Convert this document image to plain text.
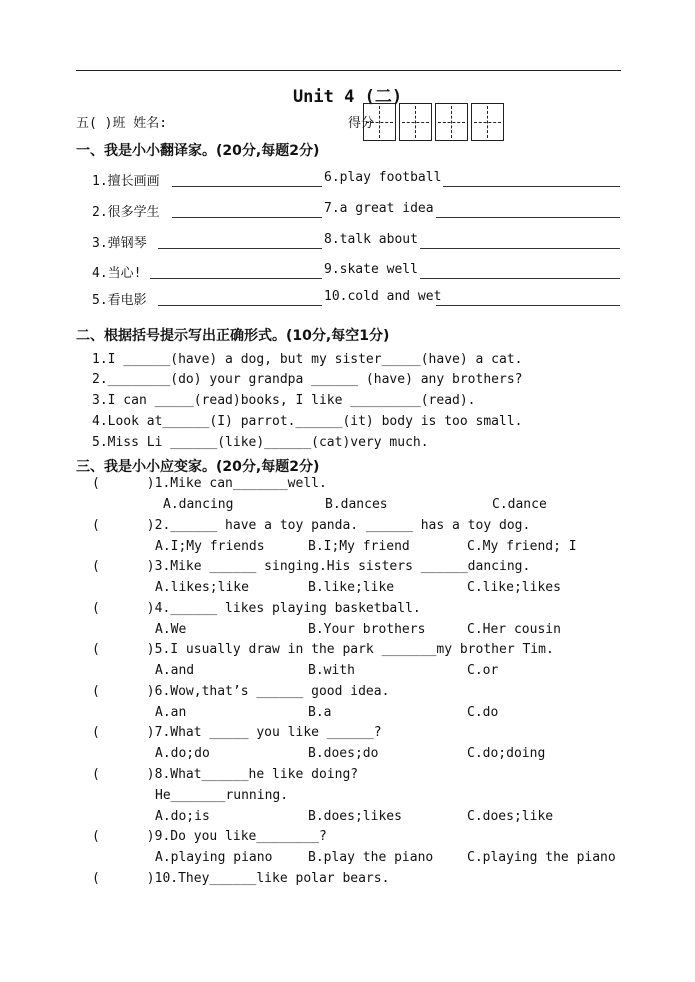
Unit 4 (二)
五( )班 姓名:	得分
一、我是小小翻译家。(20分,每题2分)
1.擅长画画	6.play football
2.很多学生	7.a great idea
3.弹钢琴	8.talk about
4.当心!	9.skate well
5.看电影	10.cold and wet
二、根据括号提示写出正确形式。(10分,每空1分)
1.I ______(have) a dog, but my sister_____(have) a cat.
2.________(do) your grandpa ______ (have) any brothers?
3.I can _____(read)books, I like _________(read).
4.Look at______(I) parrot.______(it) body is too small.
5.Miss Li ______(like)______(cat)very much.
三、我是小小应变家。(20分,每题2分)
(      )1.Mike can_______well.
A.dancing	B.dances	C.dance
(      )2.______ have a toy panda. ______ has a toy dog.
A.I;My friends	B.I;My friend	C.My friend; I
(      )3.Mike ______ singing.His sisters ______dancing.
A.likes;like	B.like;like	C.like;likes
(      )4.______ likes playing basketball.
A.We	B.Your brothers	C.Her cousin
(      )5.I usually draw in the park _______my brother Tim.
A.and	B.with	C.or
(      )6.Wow,that’s ______ good idea.
A.an	B.a	C.do
(      )7.What _____ you like ______?
A.do;do	B.does;do	C.do;doing
(      )8.What______he like doing?
He_______running.
A.do;is	B.does;likes	C.does;like
(      )9.Do you like________?
A.playing piano	B.play the piano	C.playing the piano
(      )10.They______like polar bears.
